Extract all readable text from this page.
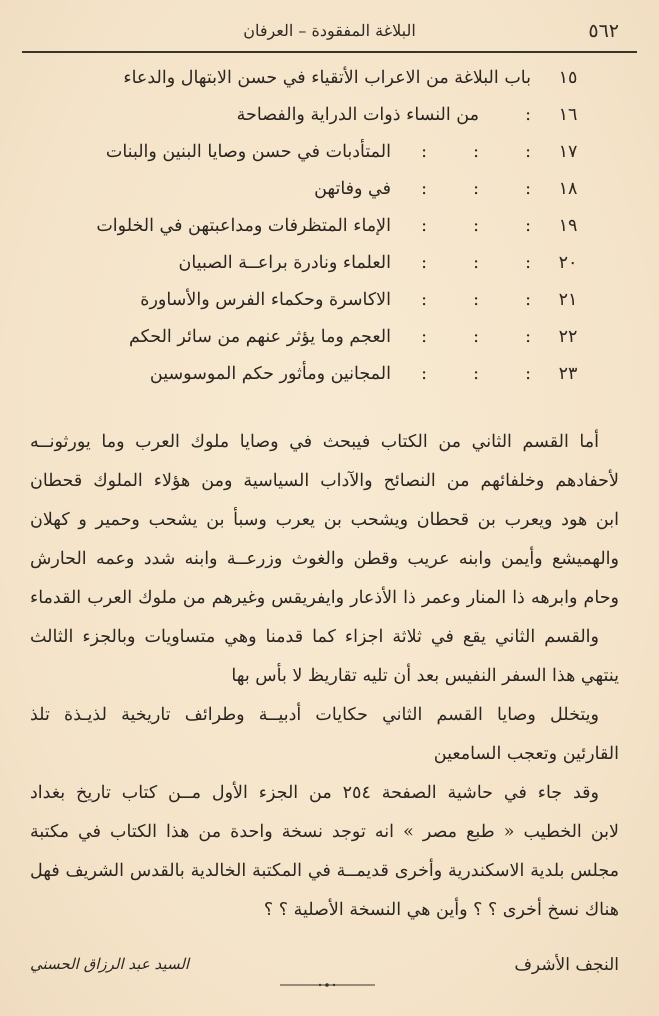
٥٦٢
البلاغة المفقودة – العرفان
١٥
باب البلاغة من الاعراب الأتقياء في حسن الابتهال والدعاء
١٦
:
من النساء ذوات الدراية والفصاحة
١٧
:
:
:
المتأدبات في حسن وصايا البنين والبنات
١٨
:
:
:
في وفاتهن
١٩
:
:
:
الإماء المتظرفات ومداعبتهن في الخلوات
٢٠
:
:
:
العلماء ونادرة براعــة الصبيان
٢١
:
:
:
الاكاسرة وحكماء الفرس والأساورة
٢٢
:
:
:
العجم وما يؤثر عنهم من سائر الحكم
٢٣
:
:
:
المجانين ومأثور حكم الموسوسين
أما القسم الثاني من الكتاب فيبحث في وصايا ملوك العرب وما يورثونــه
لأحفادهم وخلفائهم من النصائح والآداب السياسية ومن هؤلاء الملوك قحطان
ابن هود ويعرب بن قحطان ويشحب بن يعرب وسبأ بن يشحب وحمير و كهلان
والهميشع وأيمن وابنه عريب وقطن والغوث وزرعــة وابنه شدد وعمه الحارش
وحام وابرهه ذا المنار وعمر ذا الأذعار وايفريقس وغيرهم من ملوك العرب القدماء
والقسم الثاني يقع في ثلاثة اجزاء كما قدمنا وهي متساويات وبالجزء الثالث
ينتهي هذا السفر النفيس بعد أن تليه تقاريظ لا بأس بها
ويتخلل وصايا القسم الثاني حكايات أدبيــة وطرائف تاريخية لذيـذة تلذ
القارئين وتعجب السامعين
وقد جاء في حاشية الصفحة ٢٥٤ من الجزء الأول مــن كتاب تاريخ بغداد
لابن الخطيب « طبع مصر » انه توجد نسخة واحدة من هذا الكتاب في مكتبة
مجلس بلدية الاسكندرية وأخرى قديمــة في المكتبة الخالدية بالقدس الشريف فهل
هناك نسخ أخرى ؟ ؟ وأين هي النسخة الأصلية ؟ ؟
النجف الأشرف
السيد عبد الرزاق الحسني
